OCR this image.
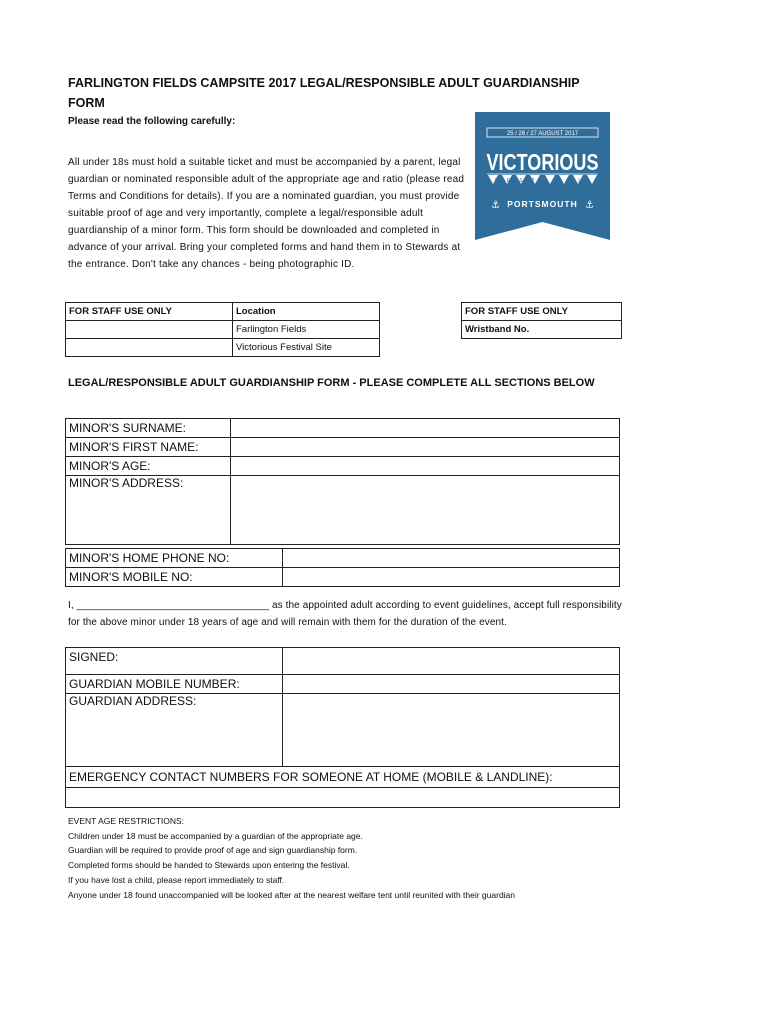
FARLINGTON FIELDS CAMPSITE 2017 LEGAL/RESPONSIBLE ADULT GUARDIANSHIP FORM
Please read the following carefully:
All under 18s must hold a suitable ticket and must be accompanied by a parent, legal guardian or nominated responsible adult of the appropriate age and ratio (please read Terms and Conditions for details). If you are a nominated guardian, you must provide suitable proof of age and very importantly, complete a legal/responsible adult guardianship of a minor form. This form should be downloaded and completed in advance of your arrival. Bring your completed forms and hand them in to Stewards at the entrance. Don't take any chances - being photographic ID.
25 / 26 / 27 AUGUST 2017
VICTORIOUS
FESTIVAL
⚓ PORTSMOUTH ⚓
FOR STAFF USE ONLY	Location
	Farlington Fields
	Victorious Festival Site
FOR STAFF USE ONLY
Wristband No.
LEGAL/RESPONSIBLE ADULT GUARDIANSHIP FORM - PLEASE COMPLETE ALL SECTIONS BELOW
MINOR'S SURNAME:	
MINOR'S FIRST NAME:	
MINOR'S AGE:	
MINOR'S ADDRESS:	
MINOR'S HOME PHONE NO:	
MINOR'S MOBILE NO:	
I, __________________________________ as the appointed adult according to event guidelines, accept full responsibility for the above minor under 18 years of age and will remain with them for the duration of the event.
SIGNED:	
GUARDIAN MOBILE NUMBER:	
GUARDIAN ADDRESS:	
EMERGENCY CONTACT NUMBERS FOR SOMEONE AT HOME (MOBILE & LANDLINE):	

EVENT AGE RESTRICTIONS:
Children under 18 must be accompanied by a guardian of the appropriate age.
Guardian will be required to provide proof of age and sign guardianship form.
Completed forms should be handed to Stewards upon entering the festival.
If you have lost a child, please report immediately to staff.
Anyone under 18 found unaccompanied will be looked after at the nearest welfare tent until reunited with their guardian
